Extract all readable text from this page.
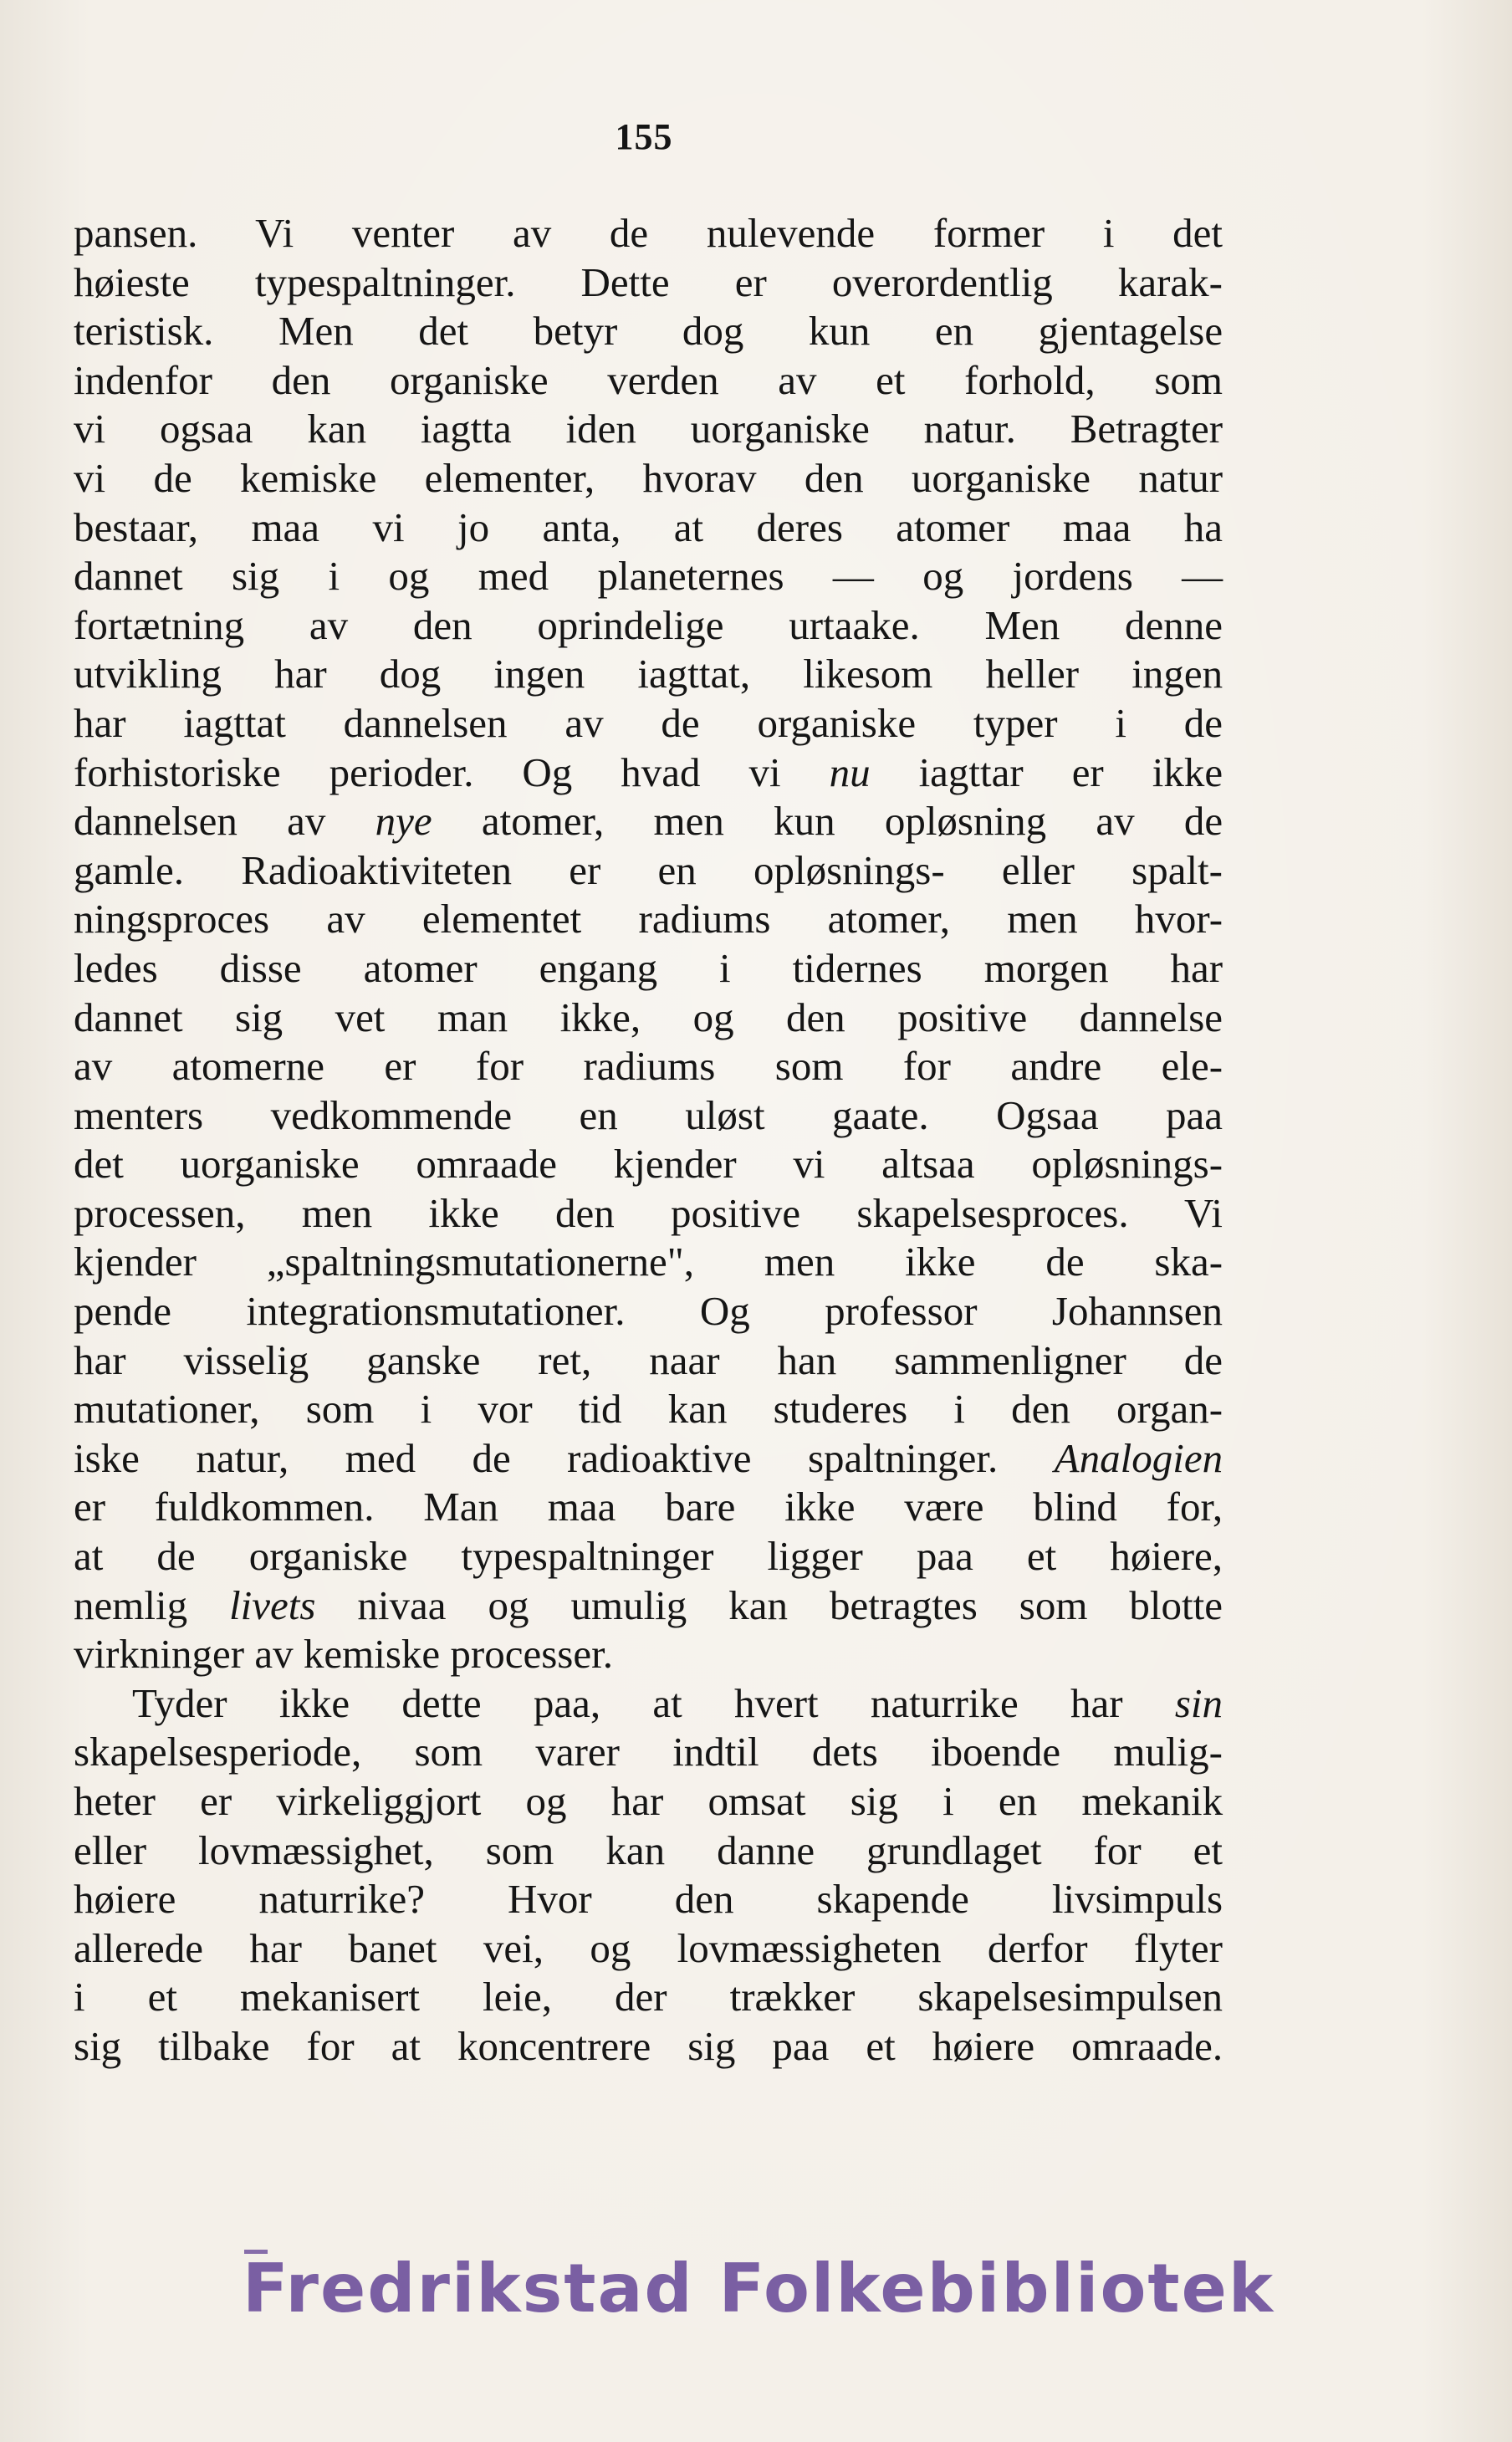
155
pansen. Vi venter av de nulevende former i det
høieste typespaltninger. Dette er overordentlig karak-
teristisk. Men det betyr dog kun en gjentagelse
indenfor den organiske verden av et forhold, som
vi ogsaa kan iagtta iden uorganiske natur. Betragter
vi de kemiske elementer, hvorav den uorganiske natur
bestaar, maa vi jo anta, at deres atomer maa ha
dannet sig i og med planeternes — og jordens —
fortætning av den oprindelige urtaake. Men denne
utvikling har dog ingen iagttat, likesom heller ingen
har iagttat dannelsen av de organiske typer i de
forhistoriske perioder. Og hvad vi nu iagttar er ikke
dannelsen av nye atomer, men kun opløsning av de
gamle. Radioaktiviteten er en opløsnings- eller spalt-
ningsproces av elementet radiums atomer, men hvor-
ledes disse atomer engang i tidernes morgen har
dannet sig vet man ikke, og den positive dannelse
av atomerne er for radiums som for andre ele-
menters vedkommende en uløst gaate. Ogsaa paa
det uorganiske omraade kjender vi altsaa opløsnings-
processen, men ikke den positive skapelsesproces. Vi
kjender „spaltningsmutationerne", men ikke de ska-
pende integrationsmutationer. Og professor Johannsen
har visselig ganske ret, naar han sammenligner de
mutationer, som i vor tid kan studeres i den organ-
iske natur, med de radioaktive spaltninger. Analogien
er fuldkommen. Man maa bare ikke være blind for,
at de organiske typespaltninger ligger paa et høiere,
nemlig livets nivaa og umulig kan betragtes som blotte
virkninger av kemiske processer.
Tyder ikke dette paa, at hvert naturrike har sin
skapelsesperiode, som varer indtil dets iboende mulig-
heter er virkeliggjort og har omsat sig i en mekanik
eller lovmæssighet, som kan danne grundlaget for et
høiere naturrike? Hvor den skapende livsimpuls
allerede har banet vei, og lovmæssigheten derfor flyter
i et mekanisert leie, der trækker skapelsesimpulsen
sig tilbake for at koncentrere sig paa et høiere omraade.
Fredrikstad Folkebibliotek
